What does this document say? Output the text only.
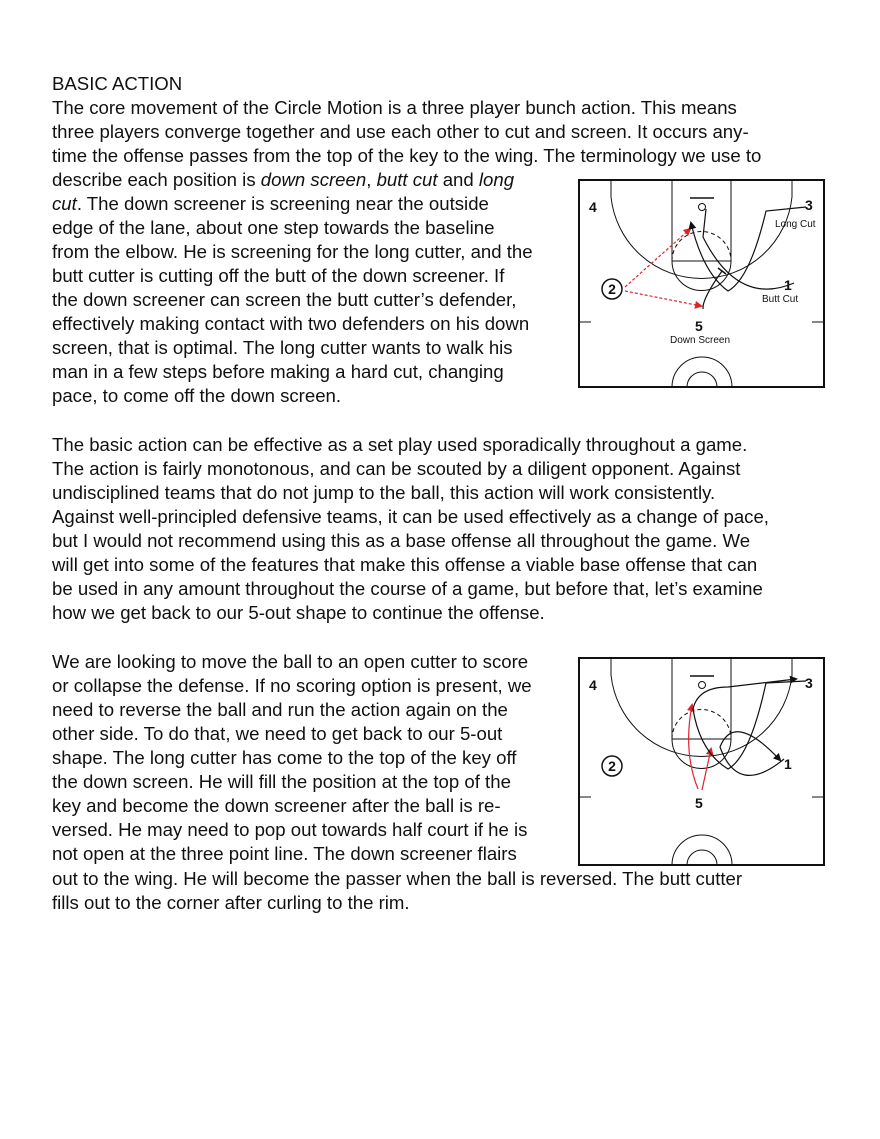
BASIC ACTION
The core movement of the Circle Motion is a three player bunch action. This means
three players converge together and use each other to cut and screen. It occurs any-
time the offense passes from the top of the key to the wing. The terminology we use to
describe each position is down screen, butt cut and long
cut. The down screener is screening near the outside
edge of the lane, about one step towards the baseline
from the elbow. He is screening for the long cutter, and the
butt cutter is cutting off the butt of the down screener. If
the down screener can screen the butt cutter’s defender,
effectively making contact with two defenders on his down
screen, that is optimal. The long cutter wants to walk his
man in a few steps before making a hard cut, changing
pace, to come off the down screen.
The basic action can be effective as a set play used sporadically throughout a game.
The action is fairly monotonous, and can be scouted by a diligent opponent. Against
undisciplined teams that do not jump to the ball, this action will work consistently.
Against well-principled defensive teams, it can be used effectively as a change of pace,
but I would not recommend using this as a base offense all throughout the game. We
will get into some of the features that make this offense a viable base offense that can
be used in any amount throughout the course of a game, but before that, let’s examine
how we get back to our 5-out shape to continue the offense.
We are looking to move the ball to an open cutter to score
or collapse the defense. If no scoring option is present, we
need to reverse the ball and run the action again on the
other side. To do that, we need to get back to our 5-out
shape. The long cutter has come to the top of the key off
the down screen. He will fill the position at the top of the
key and become the down screener after the ball is re-
versed. He may need to pop out towards half court if he is
not open at the three point line. The down screener flairs
out to the wing. He will become the passer when the ball is reversed. The butt cutter
fills out to the corner after curling to the rim.
4	3
Long Cut
2	1
Butt Cut
5
Down Screen
4	3
2	1
5
